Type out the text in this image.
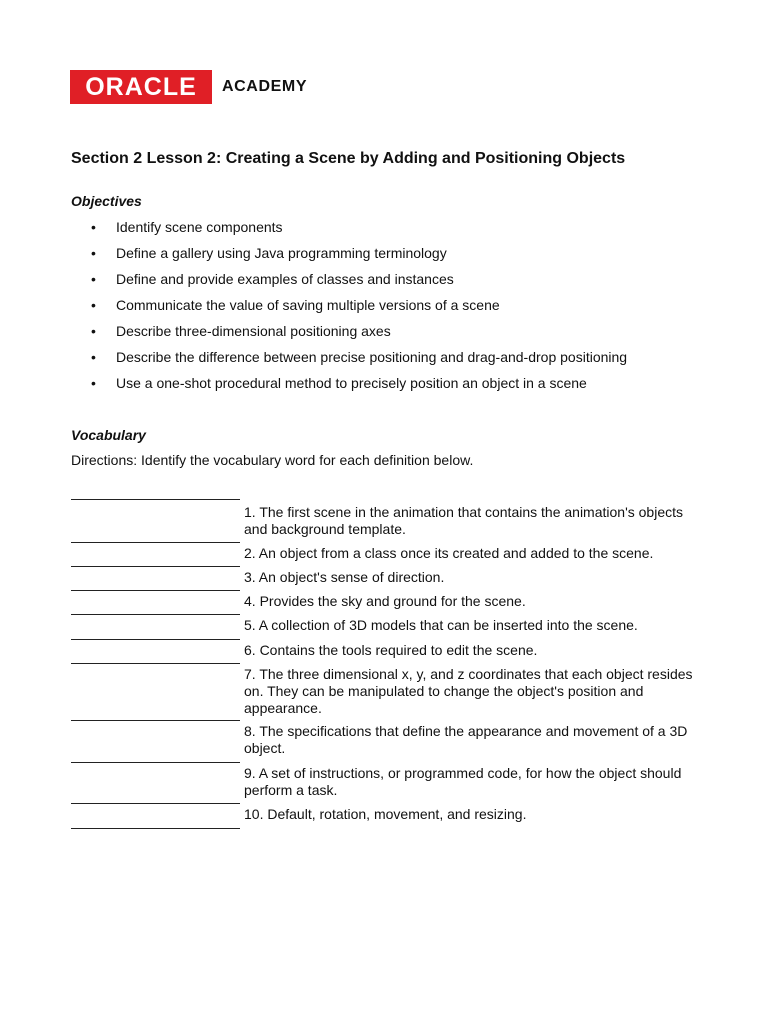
ORACLE ACADEMY
Section 2 Lesson 2: Creating a Scene by Adding and Positioning Objects
Objectives
• Identify scene components
• Define a gallery using Java programming terminology
• Define and provide examples of classes and instances
• Communicate the value of saving multiple versions of a scene
• Describe three-dimensional positioning axes
• Describe the difference between precise positioning and drag-and-drop positioning
• Use a one-shot procedural method to precisely position an object in a scene
Vocabulary

Directions: Identify the vocabulary word for each definition below.

1. The first scene in the animation that contains the animation's objects and background template.
2. An object from a class once its created and added to the scene.
3. An object's sense of direction.
4. Provides the sky and ground for the scene.
5. A collection of 3D models that can be inserted into the scene.
6. Contains the tools required to edit the scene.
7. The three dimensional x, y, and z coordinates that each object resides on. They can be manipulated to change the object's position and appearance.
8. The specifications that define the appearance and movement of a 3D object.
9. A set of instructions, or programmed code, for how the object should perform a task.
10. Default, rotation, movement, and resizing.
